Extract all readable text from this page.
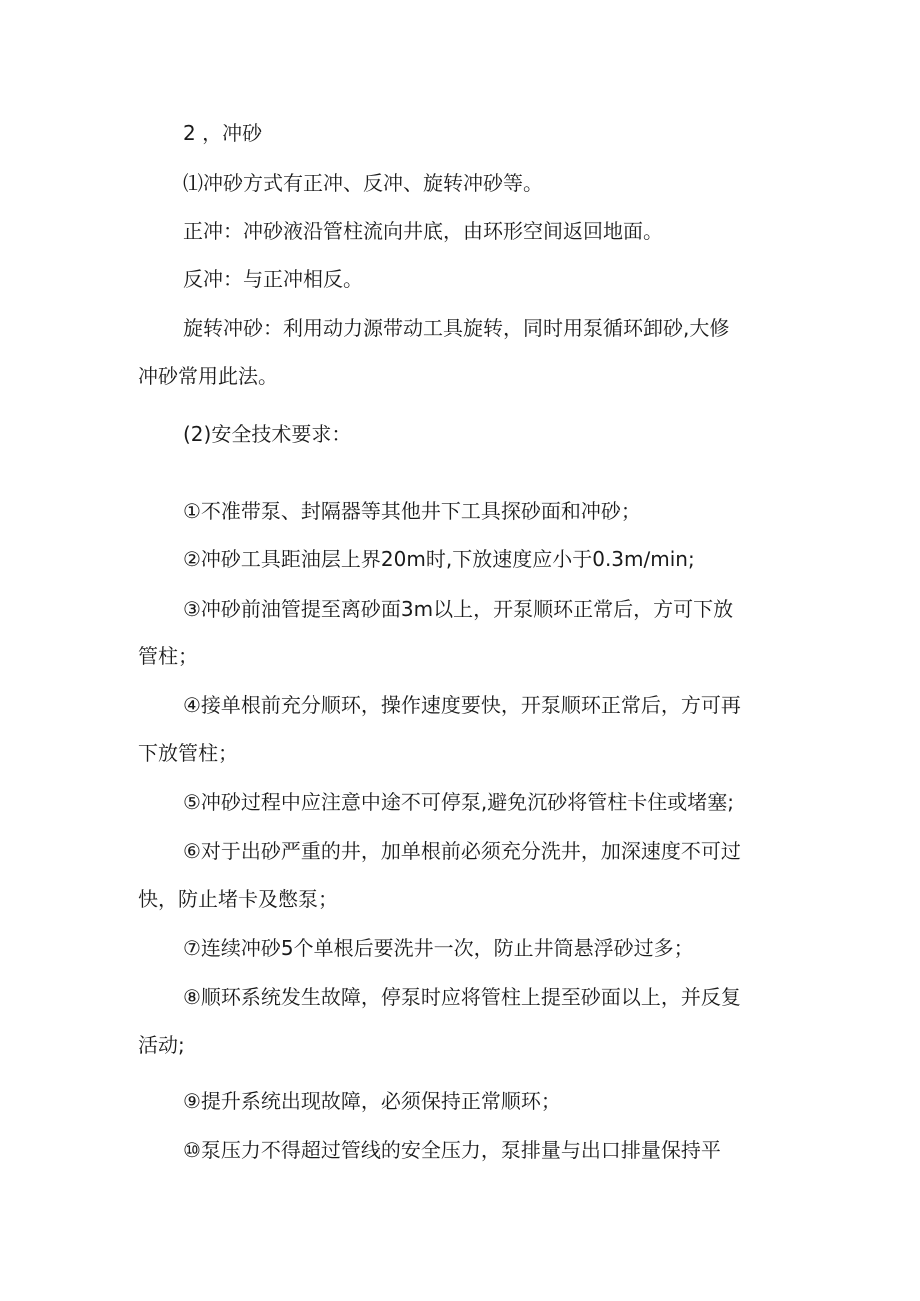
2 ，冲砂
⑴冲砂方式有正冲、反冲、旋转冲砂等。
正冲：冲砂液沿管柱流向井底，由环形空间返回地面。
反冲：与正冲相反。
旋转冲砂：利用动力源带动工具旋转，同时用泵循环卸砂,大修
冲砂常用此法。
(2)安全技术要求：
①不准带泵、封隔器等其他井下工具探砂面和冲砂；
②冲砂工具距油层上界20m时,下放速度应小于0.3m∕min;
③冲砂前油管提至离砂面3m以上，开泵顺环正常后，方可下放
管柱；
④接单根前充分顺环，操作速度要快，开泵顺环正常后，方可再
下放管柱；
⑤冲砂过程中应注意中途不可停泵,避免沉砂将管柱卡住或堵塞;
⑥对于出砂严重的井，加单根前必须充分洗井，加深速度不可过
快，防止堵卡及憋泵；
⑦连续冲砂5个单根后要洗井一次，防止井筒悬浮砂过多；
⑧顺环系统发生故障，停泵时应将管柱上提至砂面以上，并反复
活动;
⑨提升系统出现故障，必须保持正常顺环；
⑩泵压力不得超过管线的安全压力，泵排量与出口排量保持平
